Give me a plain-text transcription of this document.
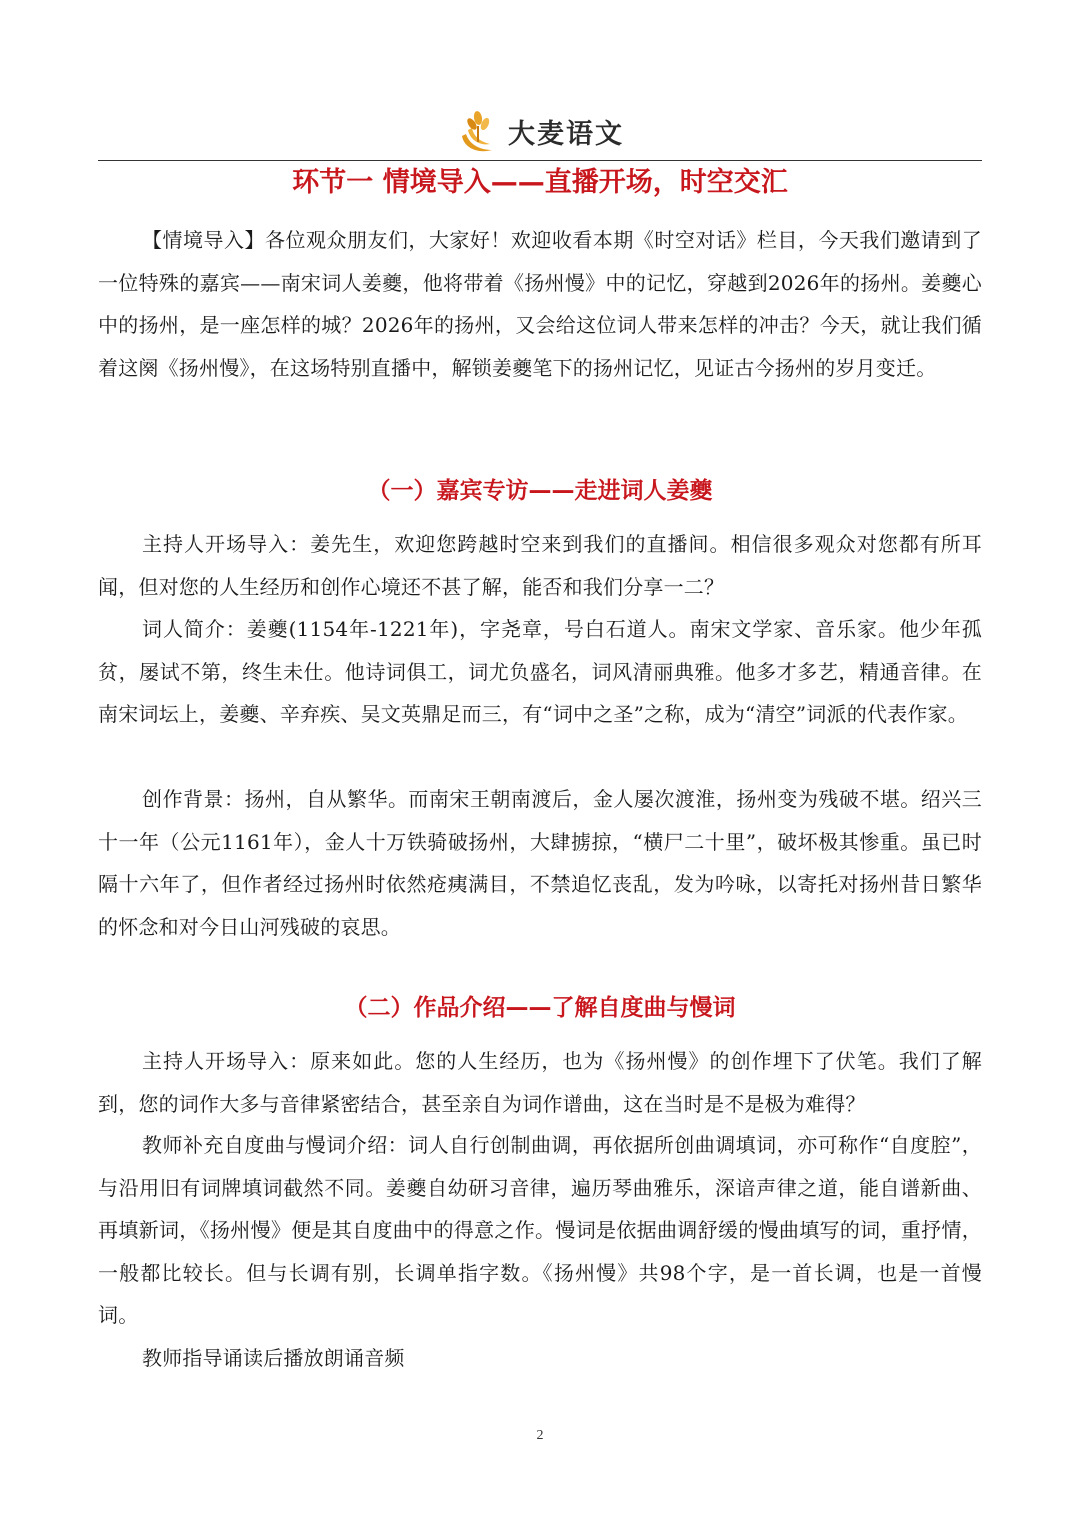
大麦语文
环节一 情境导入——直播开场，时空交汇

【情境导入】各位观众朋友们，大家好！欢迎收看本期《时空对话》栏目，今天我们邀请到了一位特殊的嘉宾——南宋词人姜夔，他将带着《扬州慢》中的记忆，穿越到2026年的扬州。姜夔心中的扬州，是一座怎样的城？2026年的扬州，又会给这位词人带来怎样的冲击？今天，就让我们循着这阕《扬州慢》，在这场特别直播中，解锁姜夔笔下的扬州记忆，见证古今扬州的岁月变迁。

（一）嘉宾专访——走进词人姜夔

主持人开场导入：姜先生，欢迎您跨越时空来到我们的直播间。相信很多观众对您都有所耳闻，但对您的人生经历和创作心境还不甚了解，能否和我们分享一二？

词人简介：姜夔(1154年-1221年)，字尧章，号白石道人。南宋文学家、音乐家。他少年孤贫，屡试不第，终生未仕。他诗词俱工，词尤负盛名，词风清丽典雅。他多才多艺，精通音律。在南宋词坛上，姜夔、辛弃疾、吴文英鼎足而三，有“词中之圣”之称，成为“清空”词派的代表作家。

创作背景：扬州，自从繁华。而南宋王朝南渡后，金人屡次渡淮，扬州变为残破不堪。绍兴三十一年（公元1161年），金人十万铁骑破扬州，大肆掳掠，“横尸二十里”，破坏极其惨重。虽已时隔十六年了，但作者经过扬州时依然疮痍满目，不禁追忆丧乱，发为吟咏，以寄托对扬州昔日繁华的怀念和对今日山河残破的哀思。

（二）作品介绍——了解自度曲与慢词

主持人开场导入：原来如此。您的人生经历，也为《扬州慢》的创作埋下了伏笔。我们了解到，您的词作大多与音律紧密结合，甚至亲自为词作谱曲，这在当时是不是极为难得？

教师补充自度曲与慢词介绍：词人自行创制曲调，再依据所创曲调填词，亦可称作“自度腔”，与沿用旧有词牌填词截然不同。姜夔自幼研习音律，遍历琴曲雅乐，深谙声律之道，能自谱新曲、再填新词，《扬州慢》便是其自度曲中的得意之作。慢词是依据曲调舒缓的慢曲填写的词，重抒情，一般都比较长。但与长调有别，长调单指字数。《扬州慢》共98个字，是一首长调，也是一首慢词。

教师指导诵读后播放朗诵音频

2
